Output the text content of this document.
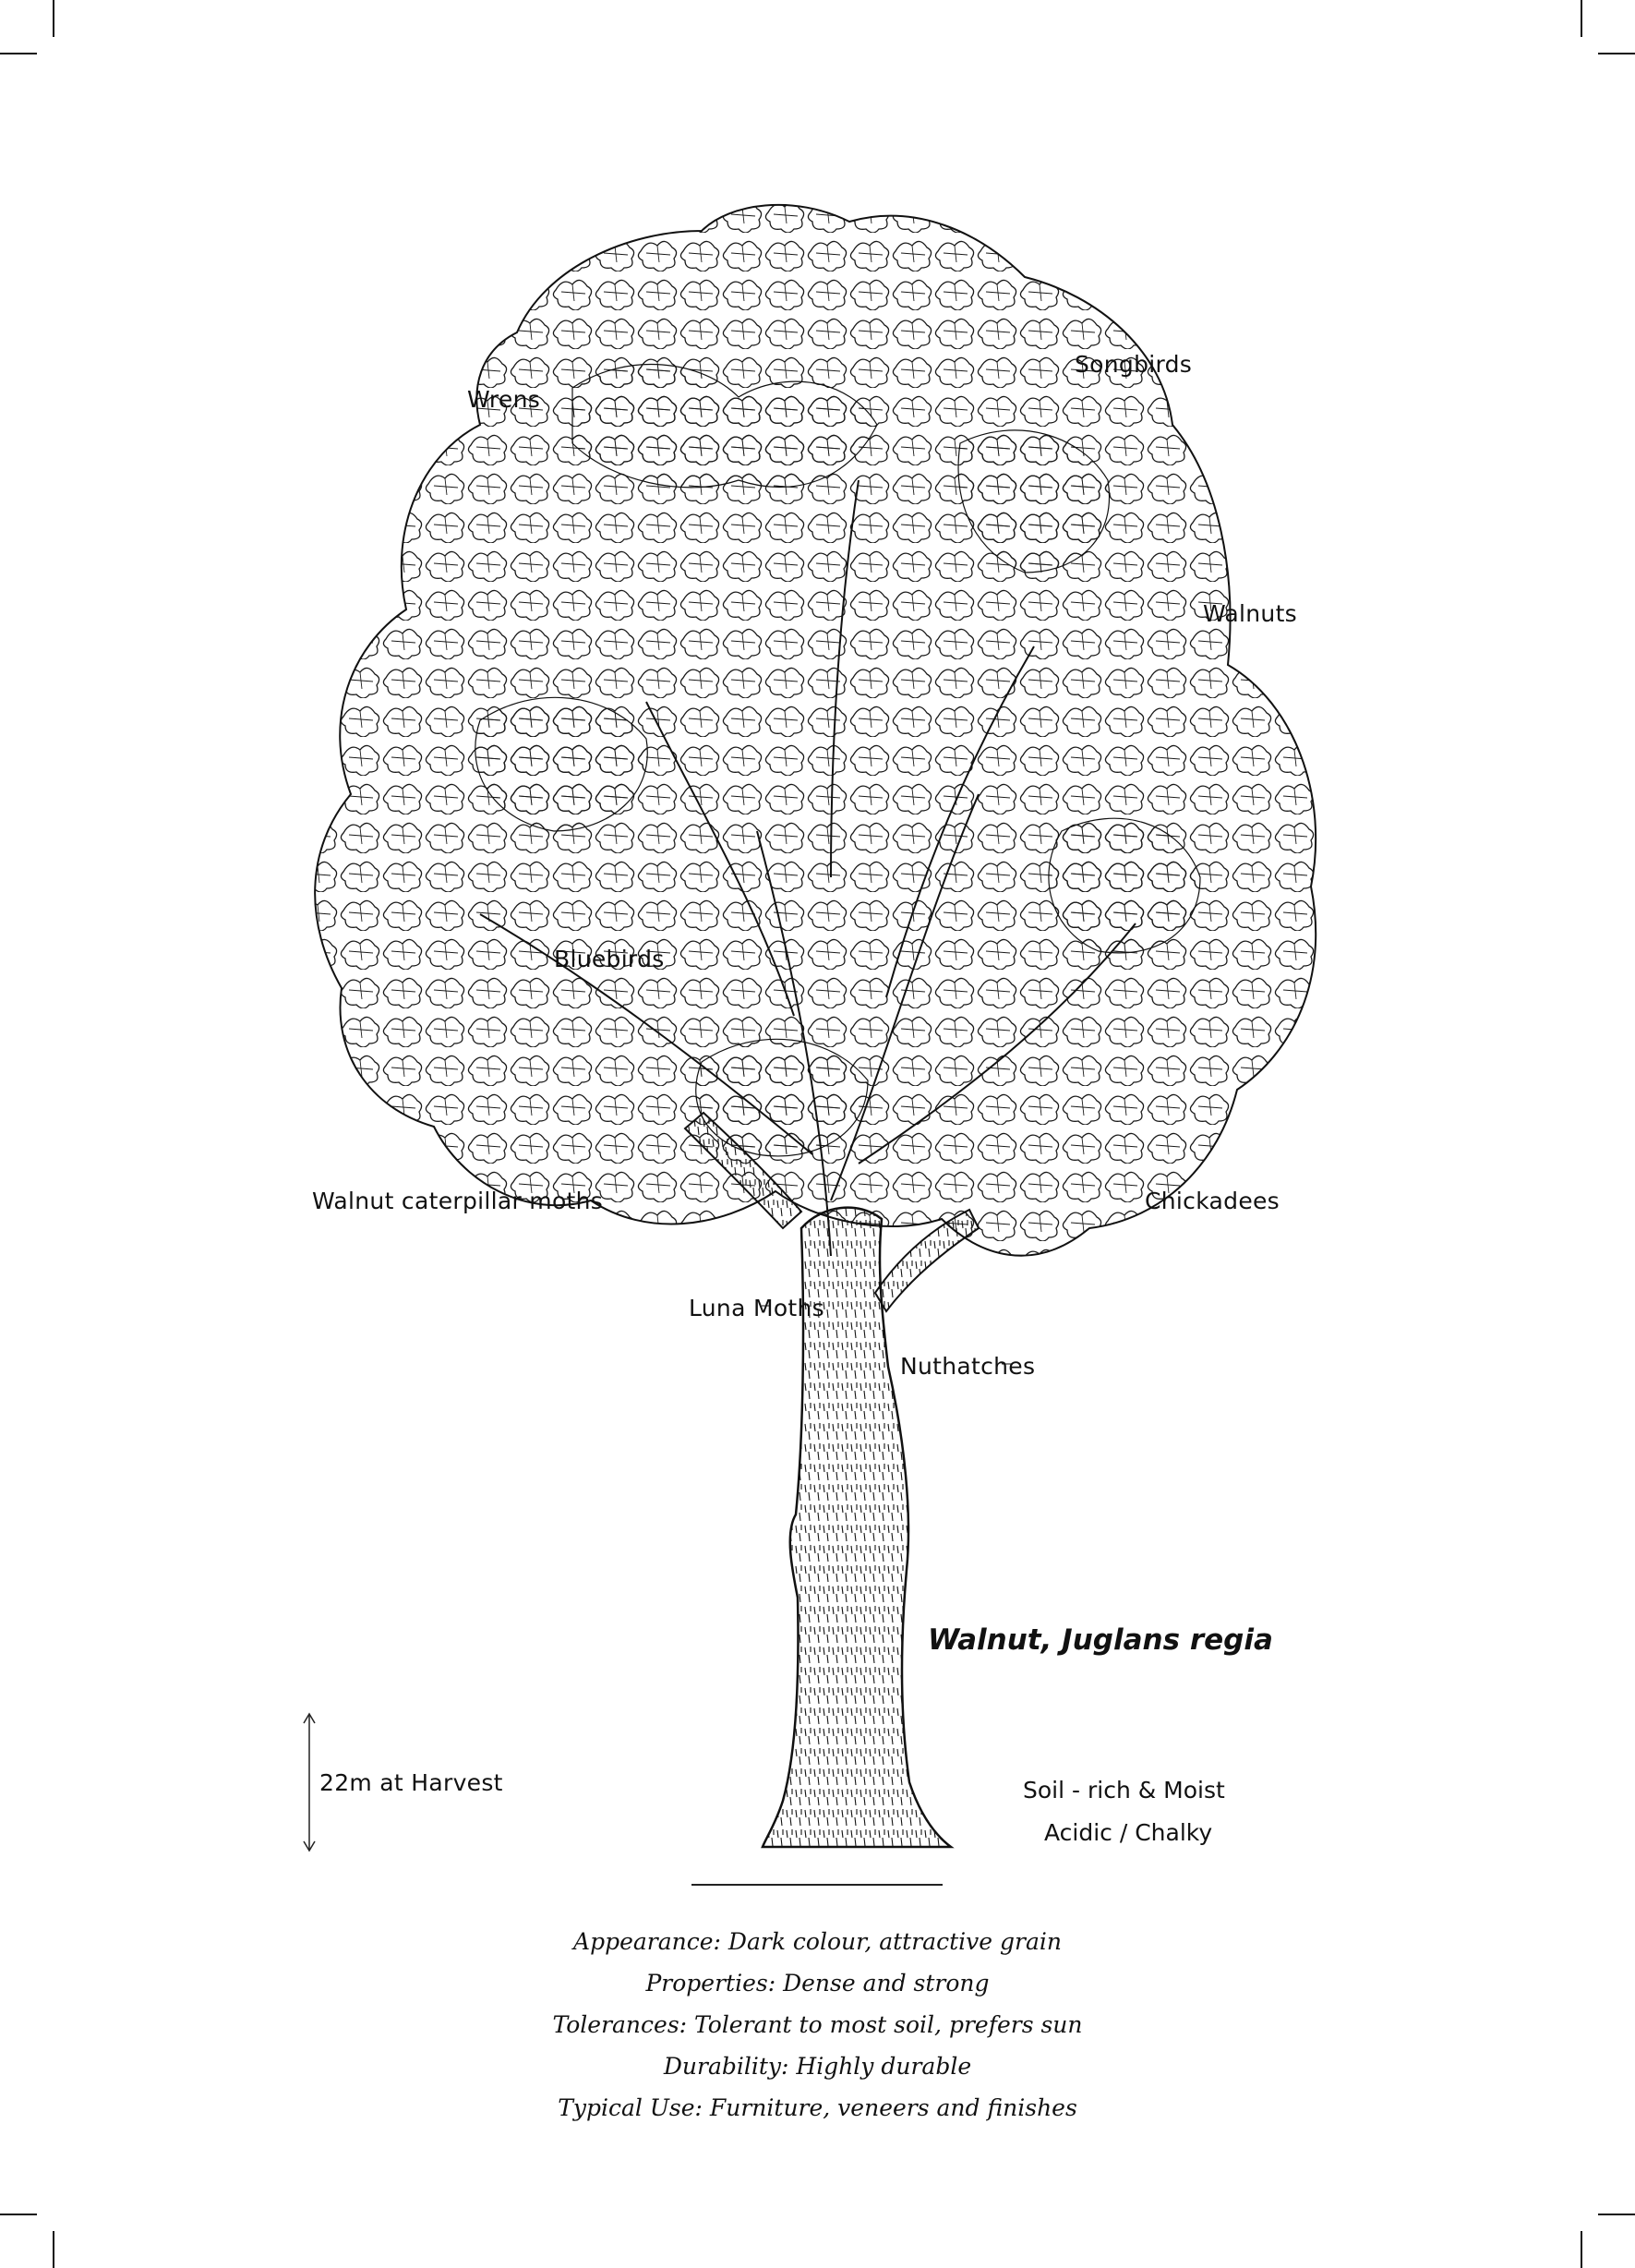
Songbirds
Wrens
Walnuts
Bluebirds
Walnut caterpillar moths	Chickadees
Luna Moths
Nuthatches
Walnut, Juglans regia
22m at Harvest	Soil - rich & Moist
Acidic / Chalky
Appearance: Dark colour, attractive grain
Properties: Dense and strong
Tolerances: Tolerant to most soil, prefers sun
Durability: Highly durable
Typical Use: Furniture, veneers and finishes
